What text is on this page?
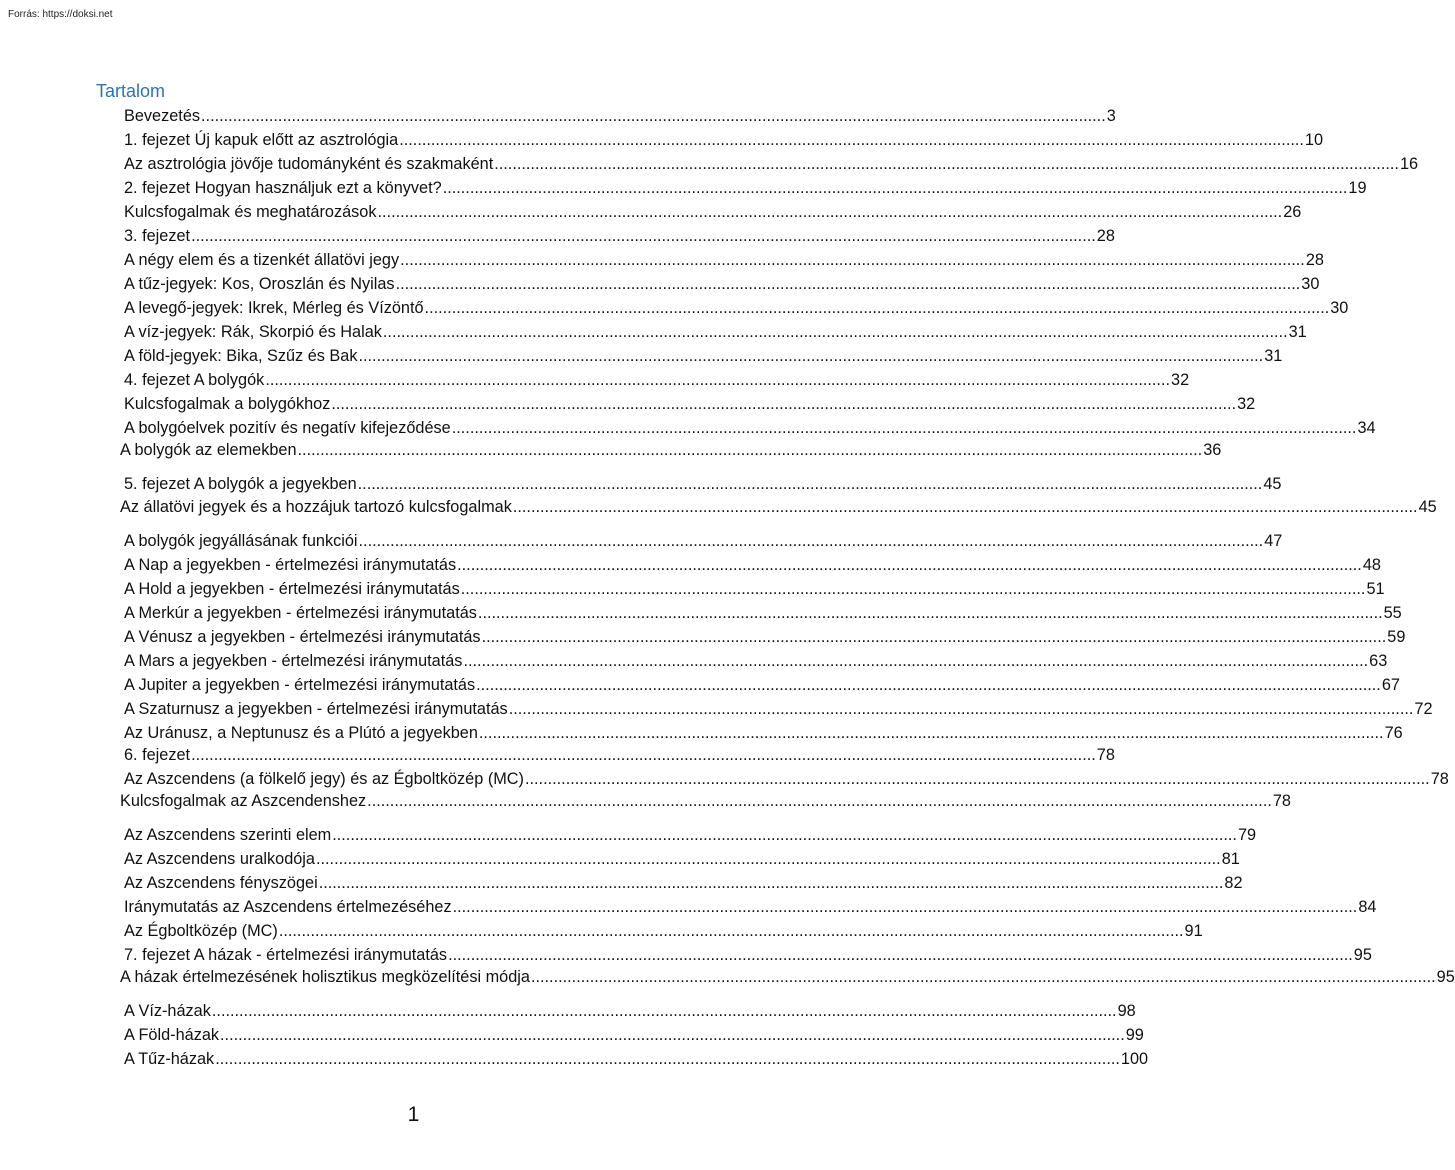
Forrás: https://doksi.net
Tartalom
Bevezetés ........................................................................................................................................................................................................ 3
1. fejezet Új kapuk előtt az asztrológia ........................................................................................................................................................................................................ 10
Az asztrológia jövője tudományként és szakmaként ........................................................................................................................................................................................................ 16
2. fejezet Hogyan használjuk ezt a könyvet? ........................................................................................................................................................................................................ 19
Kulcsfogalmak és meghatározások ........................................................................................................................................................................................................ 26
3. fejezet ........................................................................................................................................................................................................ 28
A négy elem és a tizenkét állatövi jegy ........................................................................................................................................................................................................ 28
A tűz-jegyek: Kos, Oroszlán és Nyilas ........................................................................................................................................................................................................ 30
A levegő-jegyek: Ikrek, Mérleg és Vízöntő ........................................................................................................................................................................................................ 30
A víz-jegyek: Rák, Skorpió és Halak ........................................................................................................................................................................................................ 31
A föld-jegyek: Bika, Szűz és Bak ........................................................................................................................................................................................................ 31
4. fejezet A bolygók ........................................................................................................................................................................................................ 32
Kulcsfogalmak a bolygókhoz ........................................................................................................................................................................................................ 32
A bolygóelvek pozitív és negatív kifejeződése ........................................................................................................................................................................................................ 34
A bolygók az elemekben ........................................................................................................................................................................................................ 36
5. fejezet A bolygók a jegyekben ........................................................................................................................................................................................................ 45
Az állatövi jegyek és a hozzájuk tartozó kulcsfogalmak ........................................................................................................................................................................................................ 45
A bolygók jegyállásának funkciói ........................................................................................................................................................................................................ 47
A Nap a jegyekben - értelmezési iránymutatás ........................................................................................................................................................................................................ 48
A Hold a jegyekben - értelmezési iránymutatás ........................................................................................................................................................................................................ 51
A Merkúr a jegyekben - értelmezési iránymutatás ........................................................................................................................................................................................................ 55
A Vénusz a jegyekben - értelmezési iránymutatás ........................................................................................................................................................................................................ 59
A Mars a jegyekben - értelmezési iránymutatás ........................................................................................................................................................................................................ 63
A Jupiter a jegyekben - értelmezési iránymutatás ........................................................................................................................................................................................................ 67
A Szaturnusz a jegyekben - értelmezési iránymutatás ........................................................................................................................................................................................................ 72
Az Uránusz, a Neptunusz és a Plútó a jegyekben ........................................................................................................................................................................................................ 76
6. fejezet ........................................................................................................................................................................................................ 78
Az Aszcendens (a fölkelő jegy) és az Égboltközép (MC) ........................................................................................................................................................................................................ 78
Kulcsfogalmak az Aszcendenshez ........................................................................................................................................................................................................ 78
Az Aszcendens szerinti elem ........................................................................................................................................................................................................ 79
Az Aszcendens uralkodója ........................................................................................................................................................................................................ 81
Az Aszcendens fényszögei ........................................................................................................................................................................................................ 82
Iránymutatás az Aszcendens értelmezéséhez ........................................................................................................................................................................................................ 84
Az Égboltközép (MC) ........................................................................................................................................................................................................ 91
7. fejezet A házak - értelmezési iránymutatás ........................................................................................................................................................................................................ 95
A házak értelmezésének holisztikus megközelítési módja ........................................................................................................................................................................................................ 95
A Víz-házak ........................................................................................................................................................................................................ 98
A Föld-házak ........................................................................................................................................................................................................ 99
A Tűz-házak ........................................................................................................................................................................................................ 100
1
